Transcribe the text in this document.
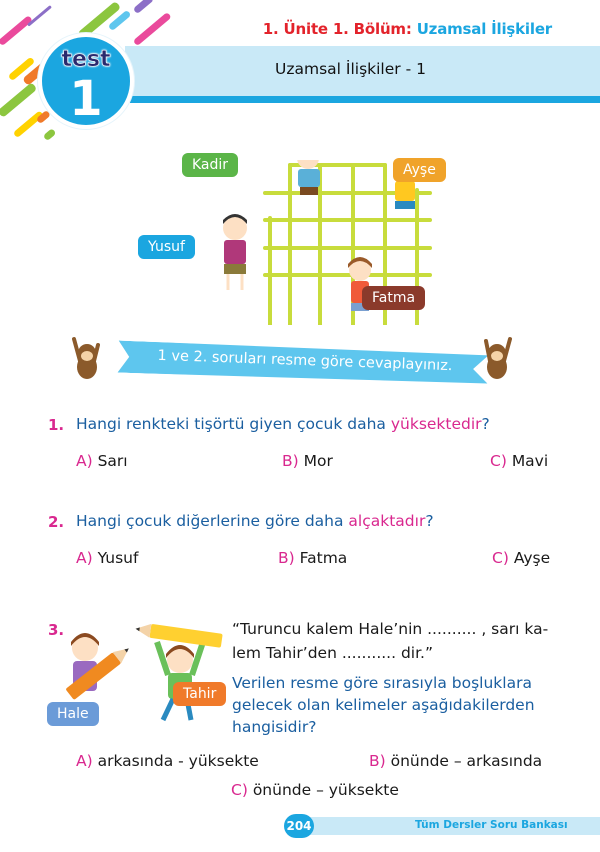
1. Ünite 1. Bölüm: Uzamsal İlişkiler
Uzamsal İlişkiler - 1
test
1
Kadir	Ayşe
Yusuf
Fatma
1 ve 2. soruları resme göre cevaplayınız.
1. Hangi renkteki tişörtü giyen çocuk daha yüksektedir?
A) Sarı	B) Mor	C) Mavi
2. Hangi çocuk diğerlerine göre daha alçaktadır?
A) Yusuf	B) Fatma	C) Ayşe
3.
Hale
Tahir
“Turuncu kalem Hale’nin .......... , sarı ka-
lem Tahir’den ........... dir.”
Verilen resme göre sırasıyla boşluklara
gelecek olan kelimeler aşağıdakilerden
hangisidir?
A) arkasında - yüksekte	B) önünde – arkasında
C) önünde – yüksekte
204	Tüm Dersler Soru Bankası
